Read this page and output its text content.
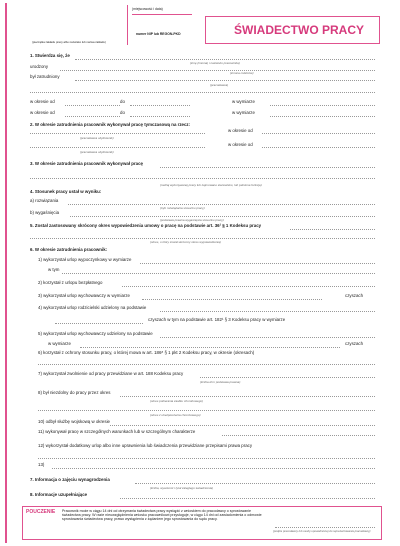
(miejscowość i data)
numer NIP lub REGON-PKD	ŚWIADECTWO PRACY
(pieczątka zakładu pracy albo nazwisko lub nazwa zakładu)
1. Stwierdza się, że
(imię (imiona) i nazwisko pracownika)
urodzony
(imiona rodziców)
był zatrudniony
(pracodawca)
w okresie od	do	w wymiarze
w okresie od	do	w wymiarze
2. W okresie zatrudnienia pracownik wykonywał pracę tymczasową na rzecz:
w okresie od
(pracodawca użytkownik)
w okresie od
(pracodawca użytkownik)
3. W okresie zatrudnienia pracownik wykonywał pracę
(rodzaj wykonywanej pracy lub zajmowane stanowisko, lub pełniona funkcja)
4. Stosunek pracy ustał w wyniku:
a) rozwiązania
(tryb rozwiązania stosunku pracy)
b) wygaśnięcia
(podstawa prawna wygaśnięcia stosunku pracy)
5. Został zastosowany skrócony okres wypowiedzenia umowy o pracę na podstawie art. 36¹ § 1 Kodeksu pracy
(okres, o który został skrócony okres wypowiedzenia)
6. W okresie zatrudnienia pracownik:
1) wykorzystał urlop wypoczynkowy w wymiarze
w tym
2) korzystał z urlopu bezpłatnego
3) wykorzystał urlop wychowawczy w wymiarze	czyszach
4) wykorzystał urlop rodzicielski udzielony na podstawie
czyszach w tym na podstawie art. 182¹ § 3 Kodeksu pracy w wymiarze
5) wykorzystał urlop wychowawczy udzielony na podstawie
w wymiarze	czyszach
6) korzystał z ochrony stosunku pracy, o której mowa w art. 186⁸ § 1 pkt 2 Kodeksu pracy, w okresie (okresach)
7) wykorzystał zwolnienie od pracy przewidziane w art. 188 Kodeksu pracy
(liczba dni i podstawa prawna)
8) był niezdolny do pracy przez okres
(okres pobierania zasiłku chorobowego)
(okres z ubezpieczenia chorobowego)
10) odbył służbę wojskową w okresie
11) wykonywał pracę w szczególnych warunkach lub w szczególnym charakterze
12) wykorzystał dodatkowy urlop albo inne uprawnienia lub świadczenia przewidziane przepisami prawa pracy
13)
7. Informacja o zajęciu wynagrodzenia
(liczba, wysokość i tytuł zaległego świadczenia)
8. Informacje uzupełniające
POUCZENIE Pracownik może w ciągu 14 dni od otrzymania świadectwa pracy wystąpić z wnioskiem do pracodawcy o sprostowanie świadectwa pracy. W razie nieuwzględnienia wniosku pracownikowi przysługuje, w ciągu 14 dni od zawiadomienia o odmowie sprostowania świadectwa pracy, prawo wystąpienia z żądaniem jego sprostowania do sądu pracy.
(podpis pracodawcy lub osoby upoważnionej do reprezentowania pracodawcy)
